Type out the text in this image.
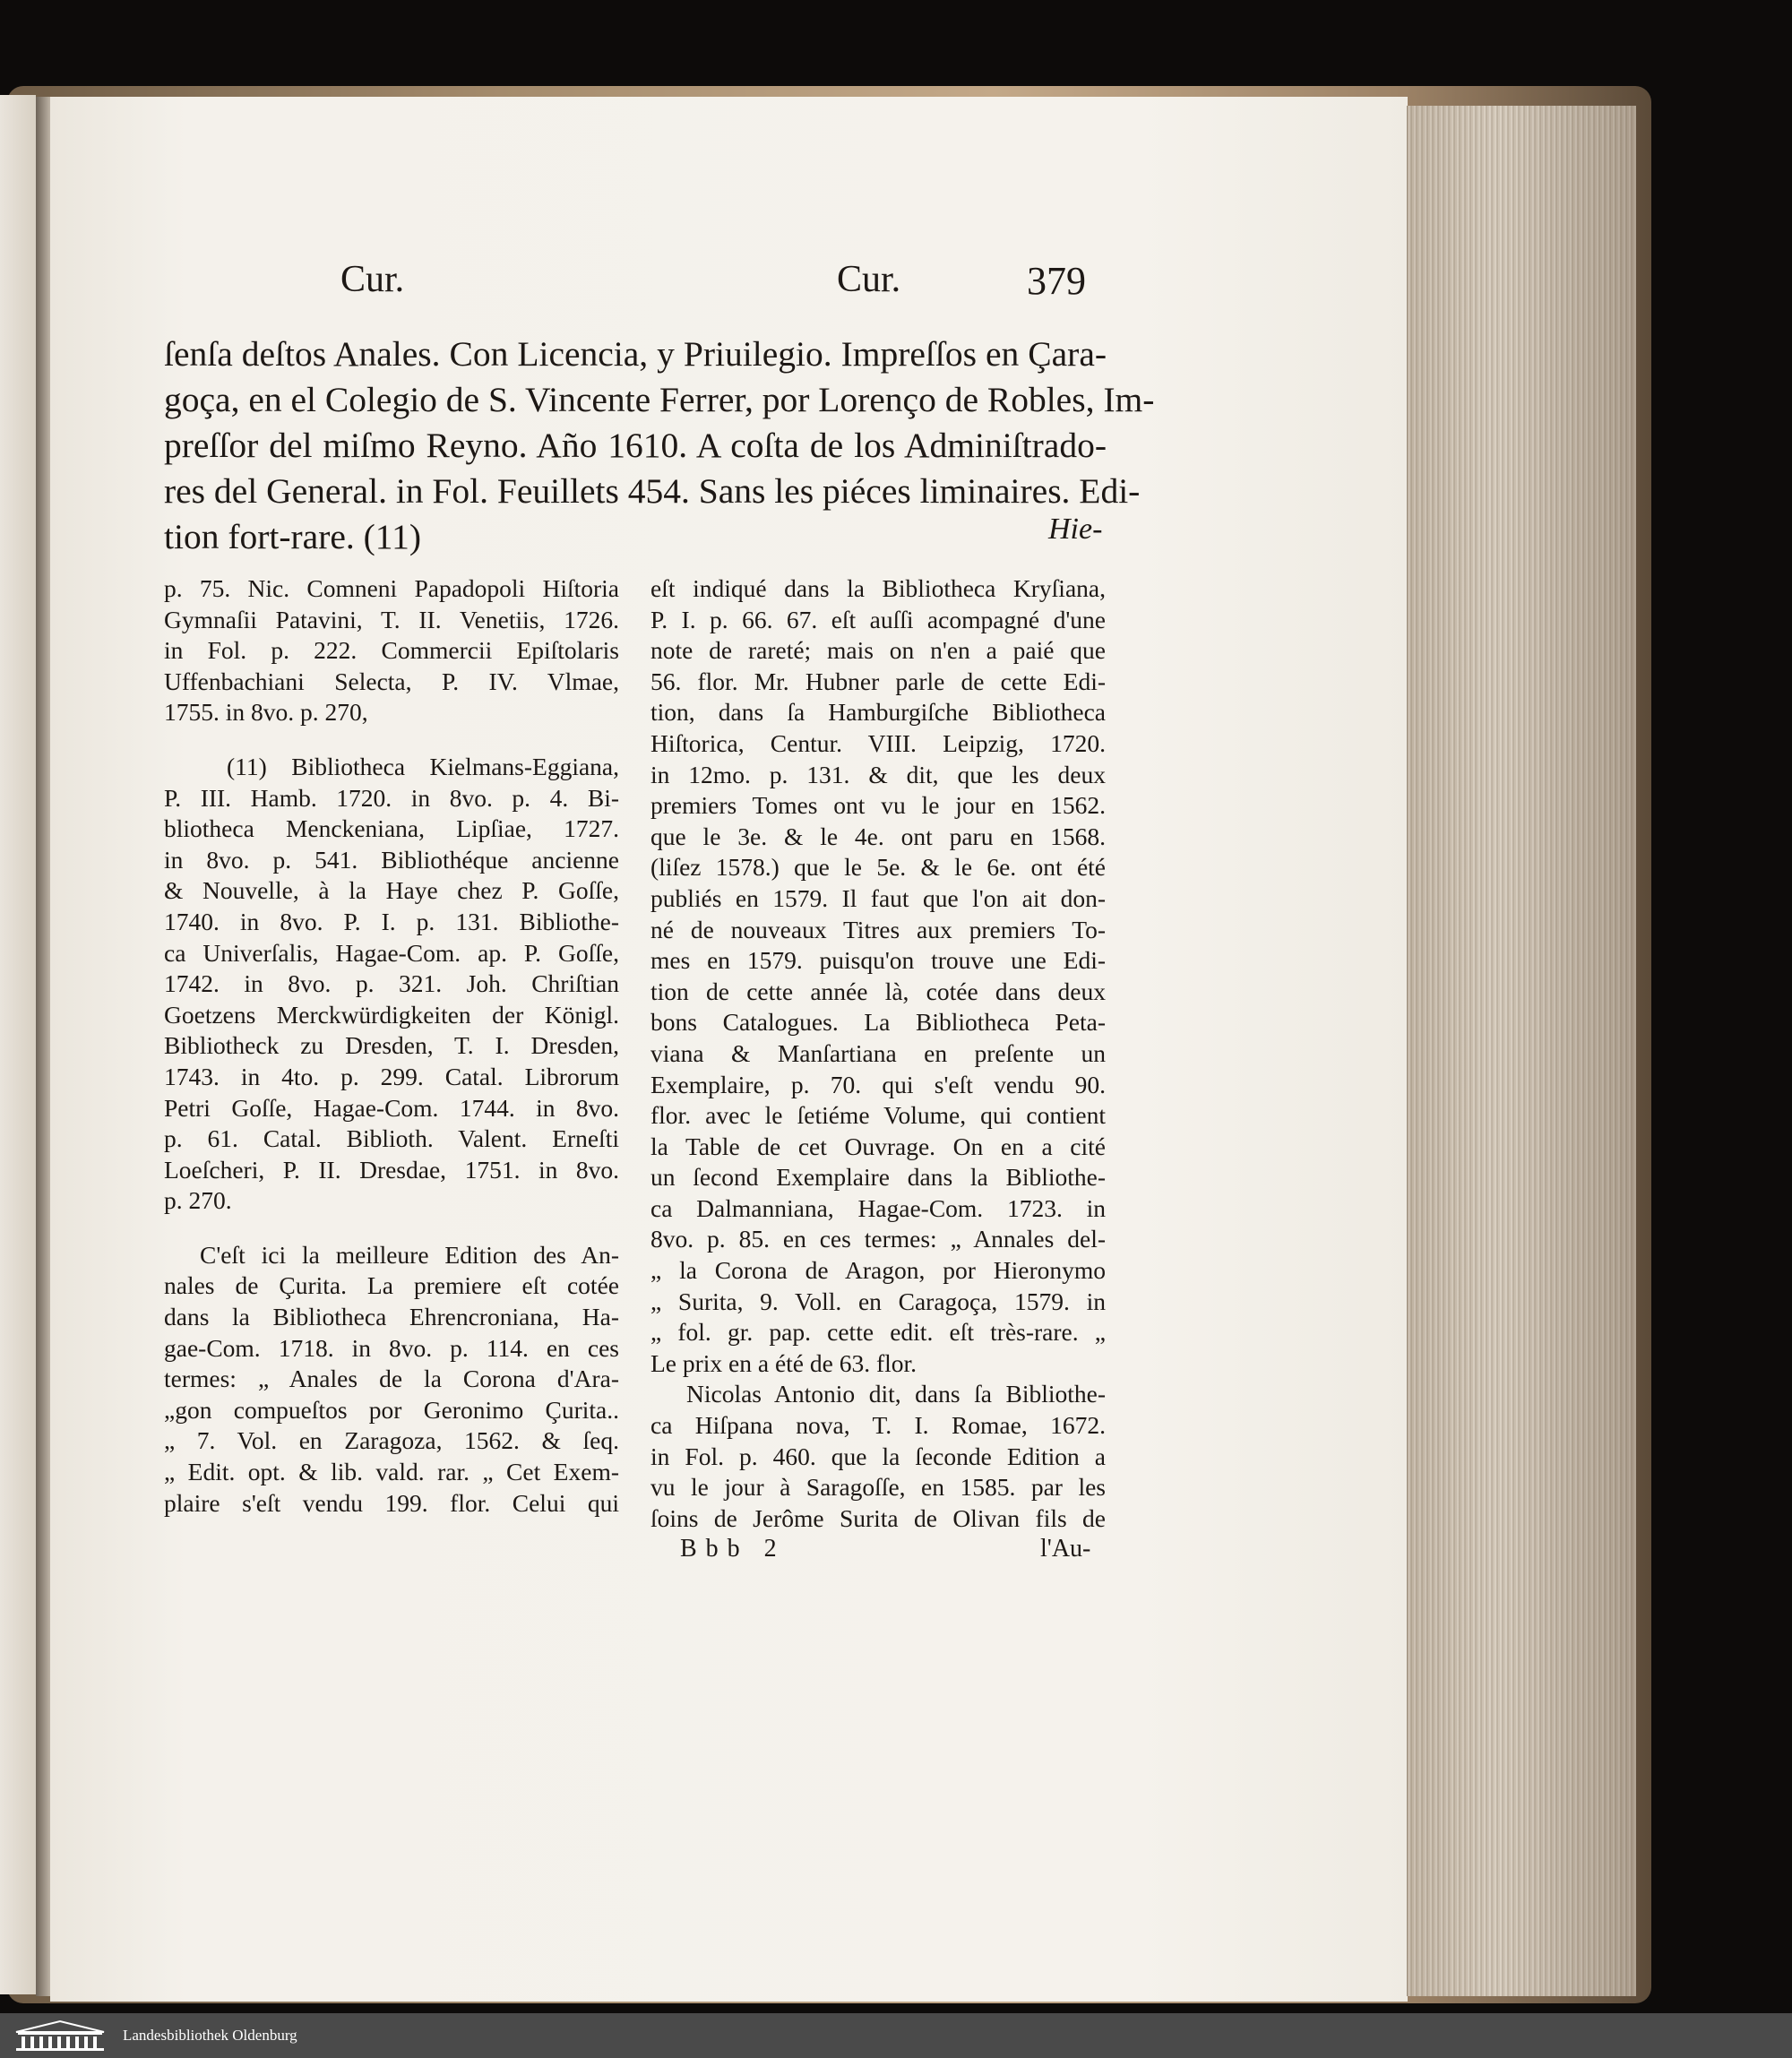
Cur.	Cur.	379
ſenſa deſtos Anales. Con Licencia, y Priuilegio. Impreſſos en Çara-
goça, en el Colegio de S. Vincente Ferrer, por Lorenço de Robles, Im-
preſſor del miſmo Reyno. Año 1610. A coſta de los Adminiſtrado-
res del General. in Fol. Feuillets 454. Sans les piéces liminaires. Edi-
tion fort-rare. (11)	Hie-
p. 75. Nic. Comneni Papadopoli Hiſtoria
Gymnaſii Patavini, T. II. Venetiis, 1726.
in Fol. p. 222. Commercii Epiſtolaris
Uffenbachiani Selecta, P. IV. Vlmae,
1755. in 8vo. p. 270,
(11) Bibliotheca Kielmans-Eggiana,
P. III. Hamb. 1720. in 8vo. p. 4. Bi-
bliotheca Menckeniana, Lipſiae, 1727.
in 8vo. p. 541. Bibliothéque ancienne
& Nouvelle, à la Haye chez P. Goſſe,
1740. in 8vo. P. I. p. 131. Bibliothe-
ca Univerſalis, Hagae-Com. ap. P. Goſſe,
1742. in 8vo. p. 321. Joh. Chriſtian
Goetzens Merckwürdigkeiten der Königl.
Bibliotheck zu Dresden, T. I. Dresden,
1743. in 4to. p. 299. Catal. Librorum
Petri Goſſe, Hagae-Com. 1744. in 8vo.
p. 61. Catal. Biblioth. Valent. Erneſti
Loeſcheri, P. II. Dresdae, 1751. in 8vo.
p. 270.
C'eſt ici la meilleure Edition des An-
nales de Çurita. La premiere eſt cotée
dans la Bibliotheca Ehrencroniana, Ha-
gae-Com. 1718. in 8vo. p. 114. en ces
termes: „ Anales de la Corona d'Ara-
„gon compueſtos por Geronimo Çurita..
„ 7. Vol. en Zaragoza, 1562. & ſeq.
„ Edit. opt. & lib. vald. rar. „ Cet Exem-
plaire s'eſt vendu 199. flor. Celui qui
eſt indiqué dans la Bibliotheca Kryſiana,
P. I. p. 66. 67. eſt auſſi acompagné d'une
note de rareté; mais on n'en a paié que
56. flor. Mr. Hubner parle de cette Edi-
tion, dans ſa Hamburgiſche Bibliotheca
Hiſtorica, Centur. VIII. Leipzig, 1720.
in 12mo. p. 131. & dit, que les deux
premiers Tomes ont vu le jour en 1562.
que le 3e. & le 4e. ont paru en 1568.
(liſez 1578.) que le 5e. & le 6e. ont été
publiés en 1579. Il faut que l'on ait don-
né de nouveaux Titres aux premiers To-
mes en 1579. puisqu'on trouve une Edi-
tion de cette année là, cotée dans deux
bons Catalogues. La Bibliotheca Peta-
viana & Manſartiana en preſente un
Exemplaire, p. 70. qui s'eſt vendu 90.
flor. avec le ſetiéme Volume, qui contient
la Table de cet Ouvrage. On en a cité
un ſecond Exemplaire dans la Bibliothe-
ca Dalmanniana, Hagae-Com. 1723. in
8vo. p. 85. en ces termes: „ Annales del-
„ la Corona de Aragon, por Hieronymo
„ Surita, 9. Voll. en Caragoça, 1579. in
„ fol. gr. pap. cette edit. eſt très-rare. „
Le prix en a été de 63. flor.
Nicolas Antonio dit, dans ſa Bibliothe-
ca Hiſpana nova, T. I. Romae, 1672.
in Fol. p. 460. que la ſeconde Edition a
vu le jour à Saragoſſe, en 1585. par les
ſoins de Jerôme Surita de Olivan fils de
Bbb 2	l'Au-
Landesbibliothek Oldenburg
